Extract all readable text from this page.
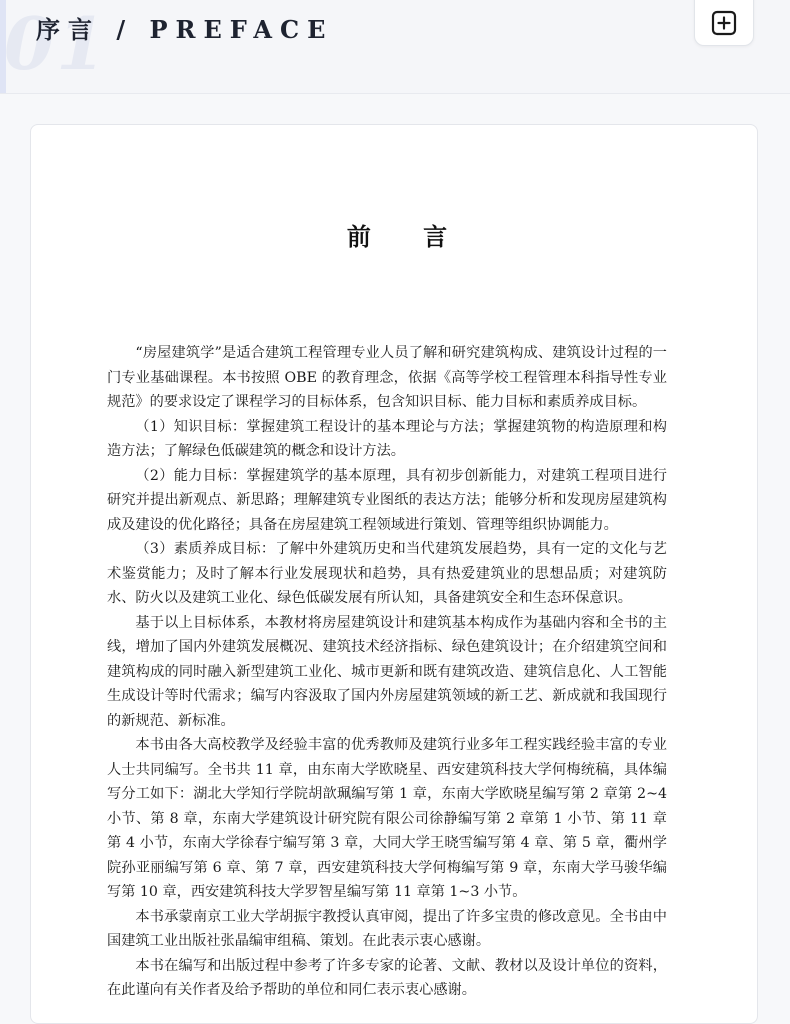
01
序言 / PREFACE
前 言

“房屋建筑学”是适合建筑工程管理专业人员了解和研究建筑构成、建筑设计过程的一门专业基础课程。本书按照 OBE 的教育理念，依据《高等学校工程管理本科指导性专业规范》的要求设定了课程学习的目标体系，包含知识目标、能力目标和素质养成目标。

（1）知识目标：掌握建筑工程设计的基本理论与方法；掌握建筑物的构造原理和构造方法；了解绿色低碳建筑的概念和设计方法。

（2）能力目标：掌握建筑学的基本原理，具有初步创新能力，对建筑工程项目进行研究并提出新观点、新思路；理解建筑专业图纸的表达方法；能够分析和发现房屋建筑构成及建设的优化路径；具备在房屋建筑工程领域进行策划、管理等组织协调能力。

（3）素质养成目标：了解中外建筑历史和当代建筑发展趋势，具有一定的文化与艺术鉴赏能力；及时了解本行业发展现状和趋势，具有热爱建筑业的思想品质；对建筑防水、防火以及建筑工业化、绿色低碳发展有所认知，具备建筑安全和生态环保意识。

基于以上目标体系，本教材将房屋建筑设计和建筑基本构成作为基础内容和全书的主线，增加了国内外建筑发展概况、建筑技术经济指标、绿色建筑设计；在介绍建筑空间和建筑构成的同时融入新型建筑工业化、城市更新和既有建筑改造、建筑信息化、人工智能生成设计等时代需求；编写内容汲取了国内外房屋建筑领域的新工艺、新成就和我国现行的新规范、新标准。

本书由各大高校教学及经验丰富的优秀教师及建筑行业多年工程实践经验丰富的专业人士共同编写。全书共 11 章，由东南大学欧晓星、西安建筑科技大学何梅统稿，具体编写分工如下：湖北大学知行学院胡歆珮编写第 1 章，东南大学欧晓星编写第 2 章第 2~4 小节、第 8 章，东南大学建筑设计研究院有限公司徐静编写第 2 章第 1 小节、第 11 章第 4 小节，东南大学徐春宁编写第 3 章，大同大学王晓雪编写第 4 章、第 5 章，衢州学院孙亚丽编写第 6 章、第 7 章，西安建筑科技大学何梅编写第 9 章，东南大学马骏华编写第 10 章，西安建筑科技大学罗智星编写第 11 章第 1~3 小节。

本书承蒙南京工业大学胡振宇教授认真审阅，提出了许多宝贵的修改意见。全书由中国建筑工业出版社张晶编审组稿、策划。在此表示衷心感谢。

本书在编写和出版过程中参考了许多专家的论著、文献、教材以及设计单位的资料，在此谨向有关作者及给予帮助的单位和同仁表示衷心感谢。
